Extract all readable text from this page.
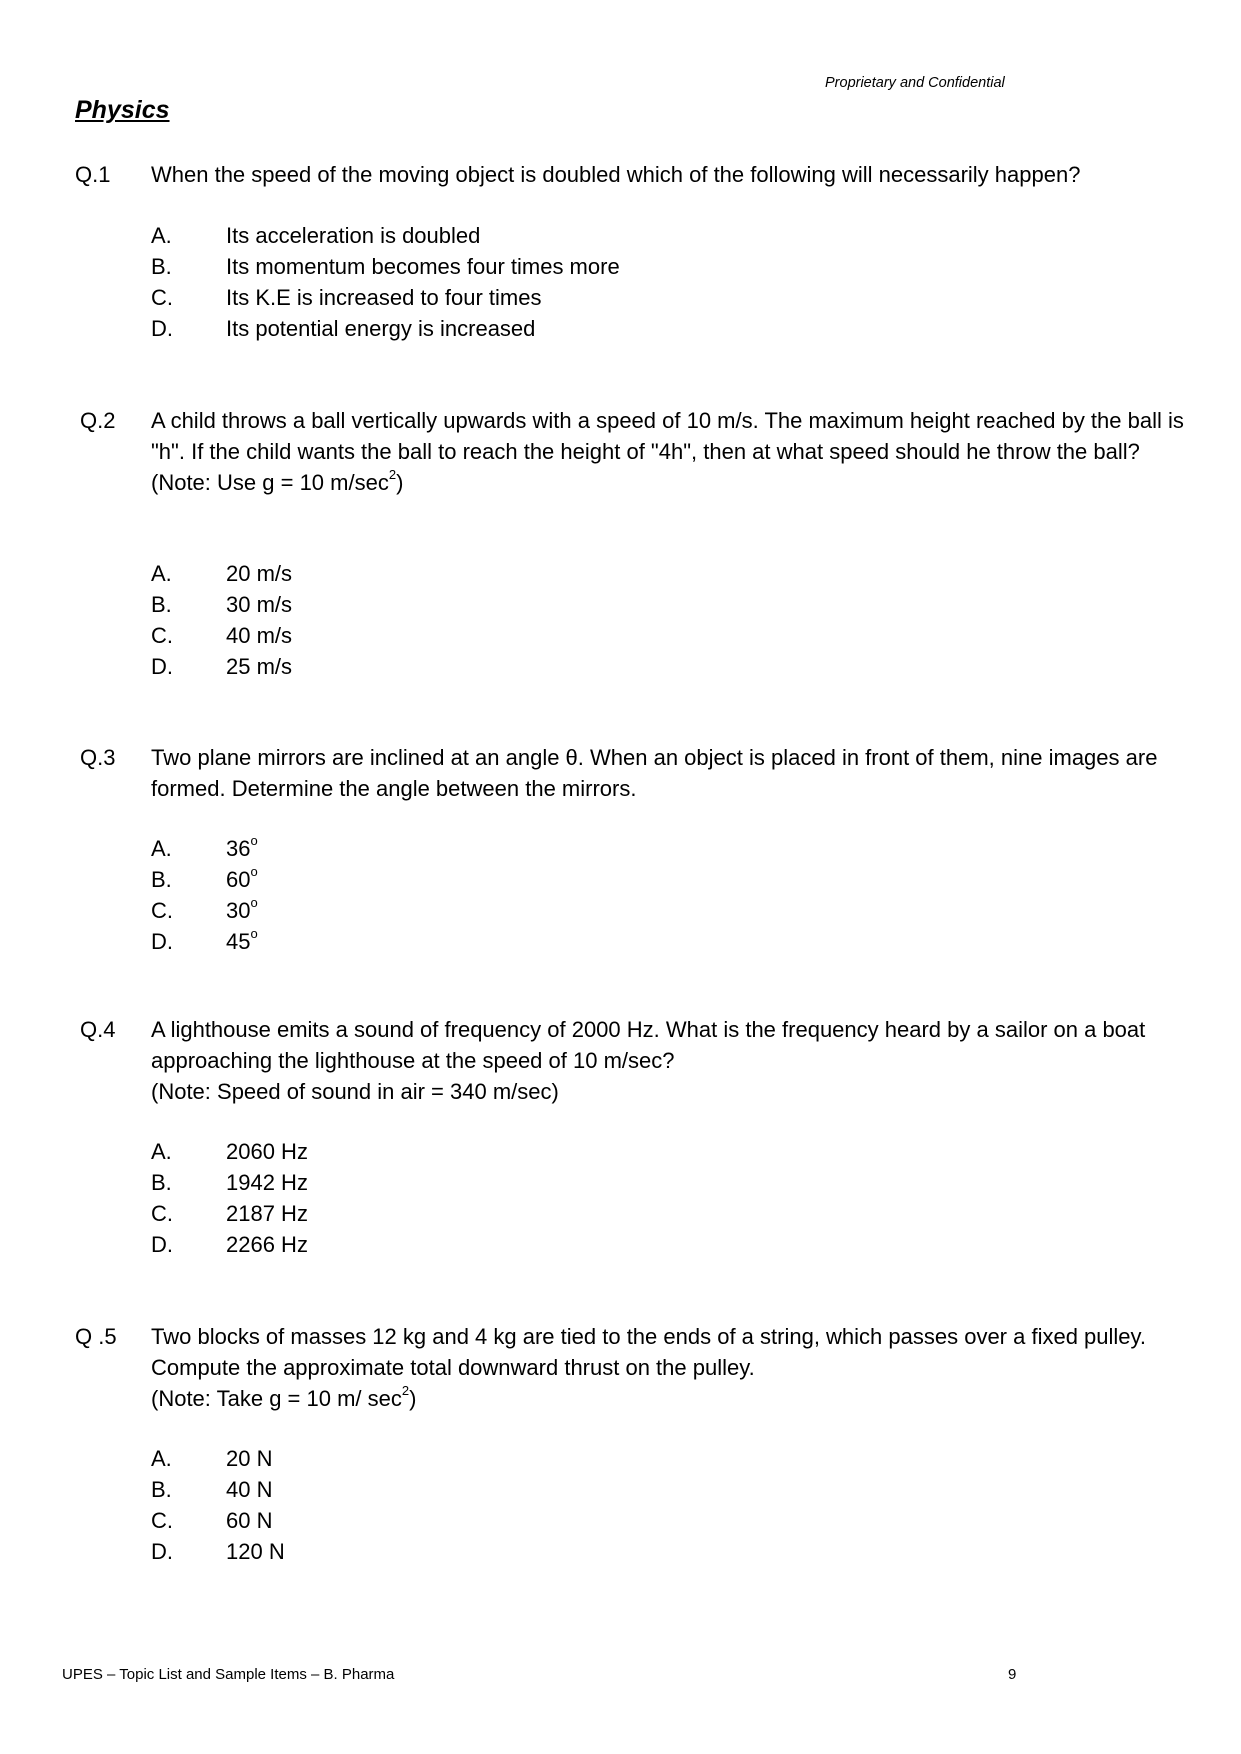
Proprietary and Confidential
Physics
Q.1 When the speed of the moving object is doubled which of the following will necessarily happen?

A. Its acceleration is doubled
B. Its momentum becomes four times more
C. Its K.E is increased to four times
D. Its potential energy is increased
Q.2 A child throws a ball vertically upwards with a speed of 10 m/s. The maximum height reached by the ball is "h". If the child wants the ball to reach the height of "4h", then at what speed should he throw the ball?

(Note: Use g = 10 $m/\sec^2$)

A. 20 m/s
B. 30 m/s
C. 40 m/s
D. 25 m/s
Q.3 Two plane mirrors are inclined at an angle θ. When an object is placed in front of them, nine images are formed. Determine the angle between the mirrors.

A. 36$^o$
B. 60$^o$
C. 30$^o$
D. 45$^o$
Q.4 A lighthouse emits a sound of frequency of 2000 Hz. What is the frequency heard by a sailor on a boat approaching the lighthouse at the speed of 10 m/sec?

(Note: Speed of sound in air = 340 m/sec)

A. 2060 Hz
B. 1942 Hz
C. 2187 Hz
D. 2266 Hz
Q .5 Two blocks of masses 12 kg and 4 kg are tied to the ends of a string, which passes over a fixed pulley. Compute the approximate total downward thrust on the pulley.

(Note: Take g = 10 m/ $\sec^2$)

A. 20 N
B. 40 N
C. 60 N
D. 120 N
UPES – Topic List and Sample Items – B. Pharma	9
